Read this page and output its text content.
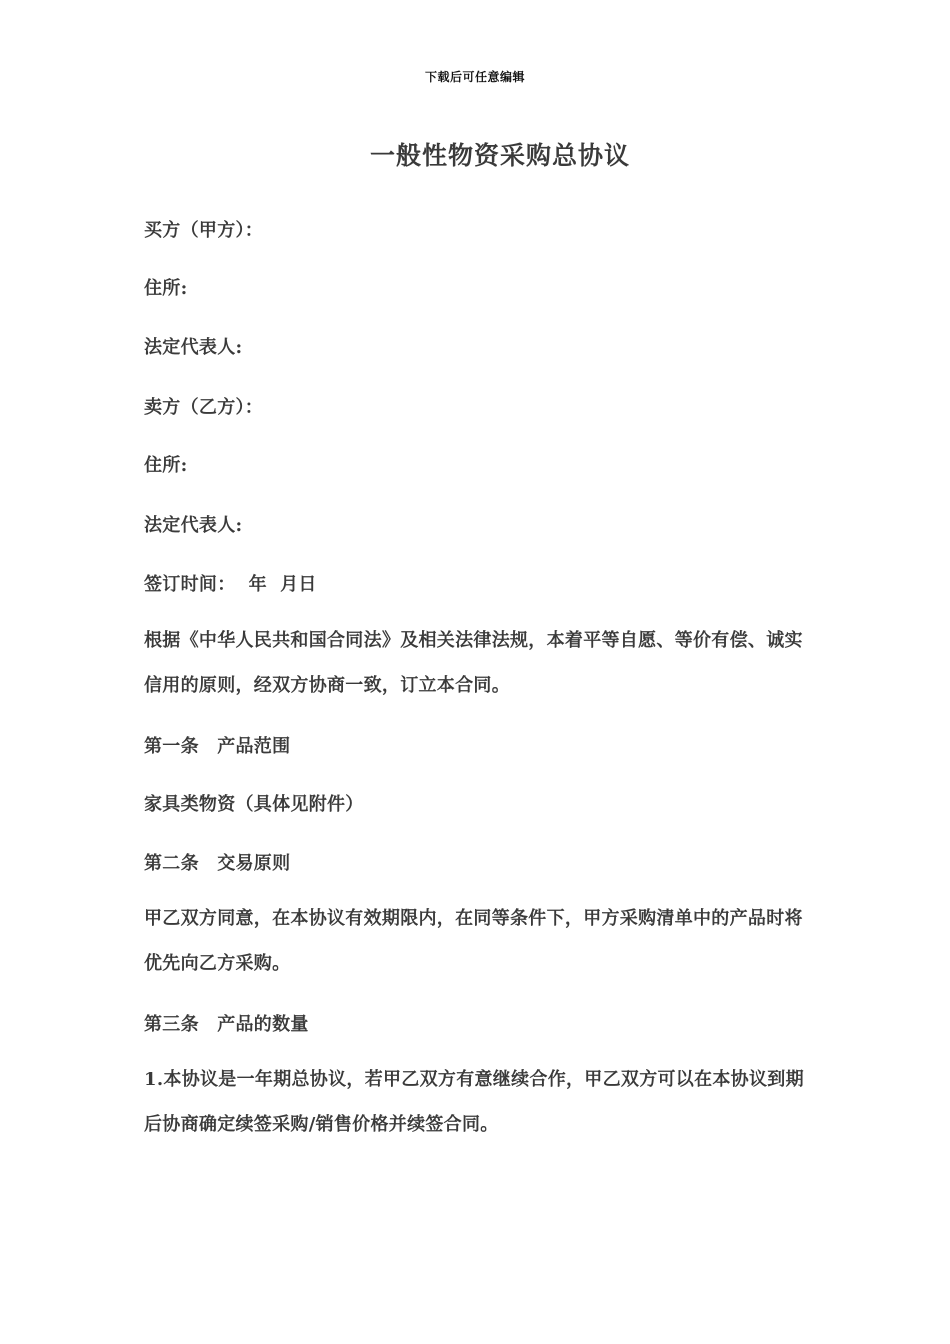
下载后可任意编辑
一般性物资采购总协议
买方（甲方）：
住所:
法定代表人:
卖方（乙方）：
住所:
法定代表人:
签订时间：  年  月日
根据《中华人民共和国合同法》及相关法律法规，本着平等自愿、等价有偿、诚实信用的原则，经双方协商一致，订立本合同。
第一条　产品范围
家具类物资（具体见附件）
第二条　交易原则
甲乙双方同意，在本协议有效期限内，在同等条件下，甲方采购清单中的产品时将优先向乙方采购。
第三条　产品的数量
1.本协议是一年期总协议，若甲乙双方有意继续合作，甲乙双方可以在本协议到期后协商确定续签采购/销售价格并续签合同。
